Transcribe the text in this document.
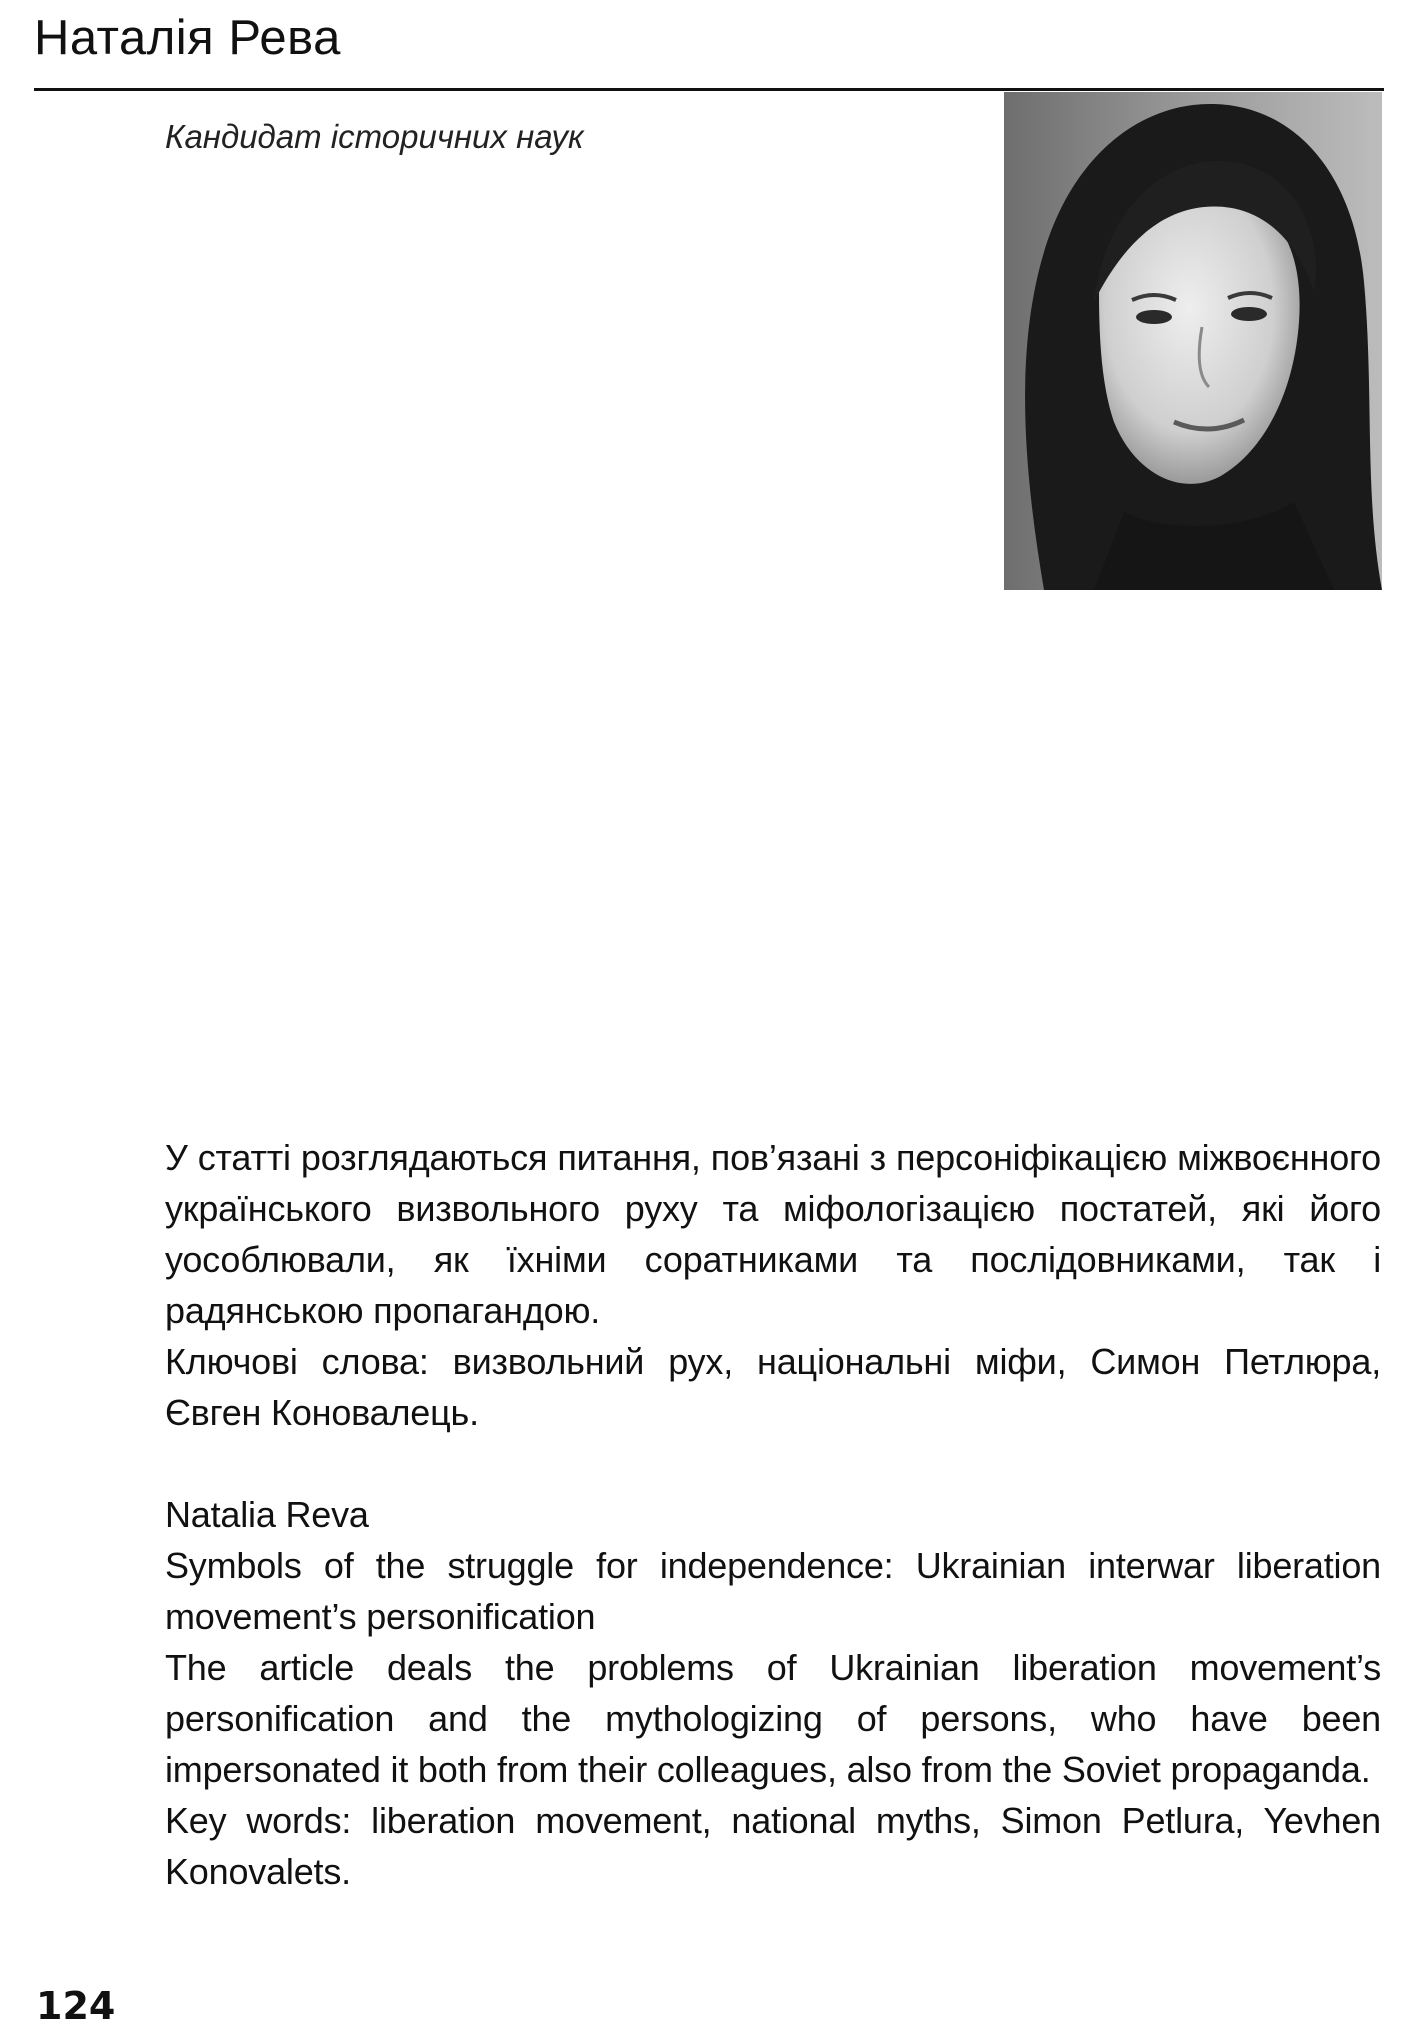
Наталія Рева
Кандидат історичних наук

У статті розглядаються питання, пов’язані з персоніфікацією міжвоєнного українського визвольного руху та міфологізацією постатей, які його уособлювали, як їхніми соратниками та послідовниками, так і радянською пропагандою.

Ключові слова: визвольний рух, національні міфи, Симон Петлюра, Євген Коновалець.

Natalia Reva

Symbols of the struggle for independence: Ukrainian interwar liberation movement’s personification

The article deals the problems of Ukrainian liberation movement’s personification and the mythologizing of persons, who have been impersonated it both from their colleagues, also from the Soviet propaganda.

Key words: liberation movement, national myths, Simon Petlura, Yevhen Konovalets.

124
